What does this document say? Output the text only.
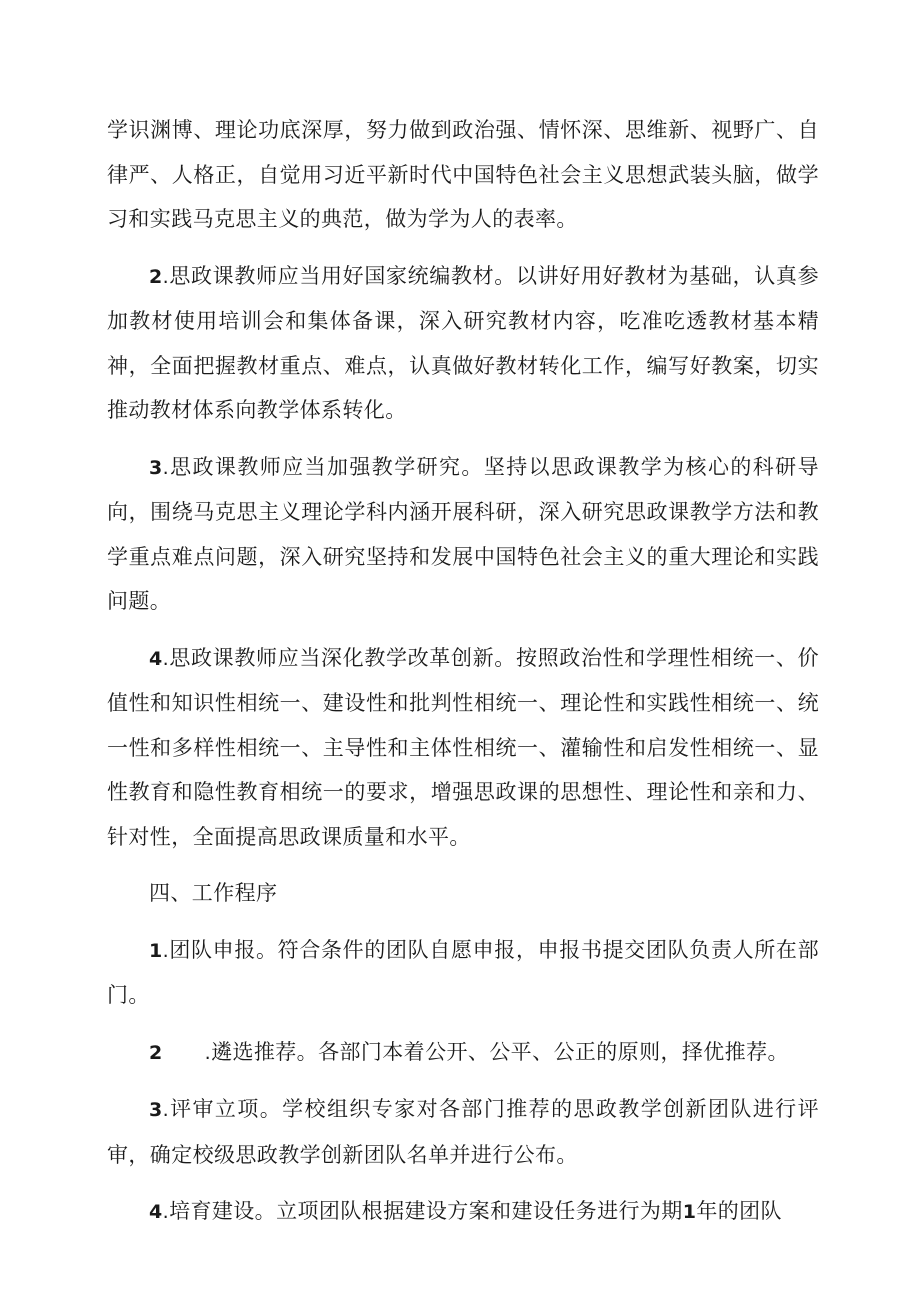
学识渊博、理论功底深厚，努力做到政治强、情怀深、思维新、视野广、自律严、人格正，自觉用习近平新时代中国特色社会主义思想武装头脑，做学习和实践马克思主义的典范，做为学为人的表率。

2.思政课教师应当用好国家统编教材。以讲好用好教材为基础，认真参加教材使用培训会和集体备课，深入研究教材内容，吃准吃透教材基本精神，全面把握教材重点、难点，认真做好教材转化工作，编写好教案，切实推动教材体系向教学体系转化。

3.思政课教师应当加强教学研究。坚持以思政课教学为核心的科研导向，围绕马克思主义理论学科内涵开展科研，深入研究思政课教学方法和教学重点难点问题，深入研究坚持和发展中国特色社会主义的重大理论和实践问题。

4.思政课教师应当深化教学改革创新。按照政治性和学理性相统一、价值性和知识性相统一、建设性和批判性相统一、理论性和实践性相统一、统一性和多样性相统一、主导性和主体性相统一、灌输性和启发性相统一、显性教育和隐性教育相统一的要求，增强思政课的思想性、理论性和亲和力、针对性，全面提高思政课质量和水平。

四、工作程序

1.团队申报。符合条件的团队自愿申报，申报书提交团队负责人所在部门。

2 .遴选推荐。各部门本着公开、公平、公正的原则，择优推荐。

3.评审立项。学校组织专家对各部门推荐的思政教学创新团队进行评审，确定校级思政教学创新团队名单并进行公布。

4.培育建设。立项团队根据建设方案和建设任务进行为期1年的团队
